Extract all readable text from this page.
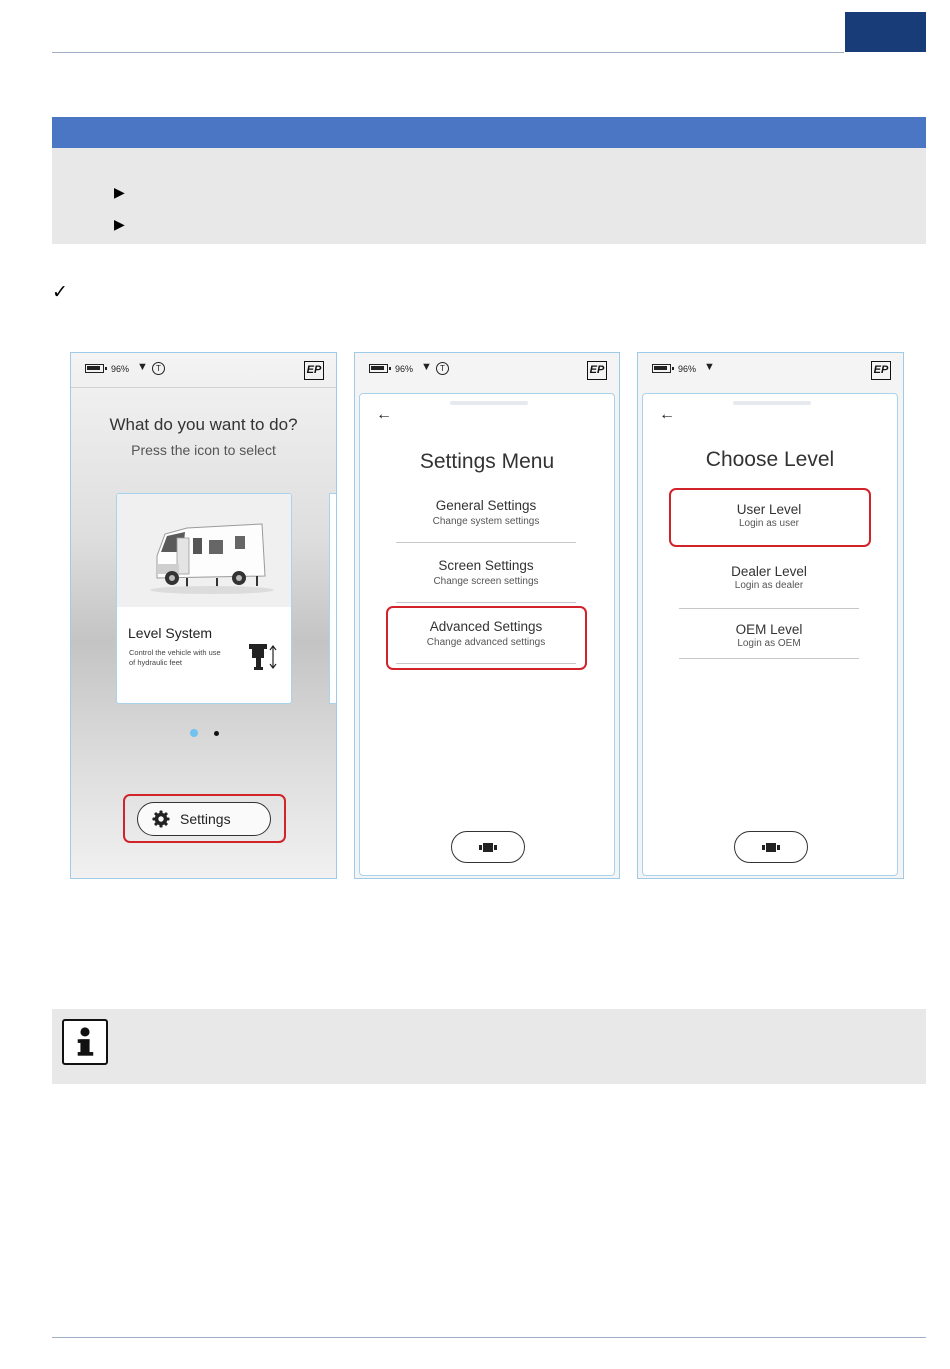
▶
▶
✓
96% ▼	T	EP
What do you want to do?
Press the icon to select
Level System
Control the vehicle with use of hydraulic feet
Settings
96% ▼	T	EP
←
Settings Menu
General Settings
Change system settings
Screen Settings
Change screen settings
Advanced Settings
Change advanced settings
96% ▼	EP
←
Choose Level
User Level
Login as user
Dealer Level
Login as dealer
OEM Level
Login as OEM
